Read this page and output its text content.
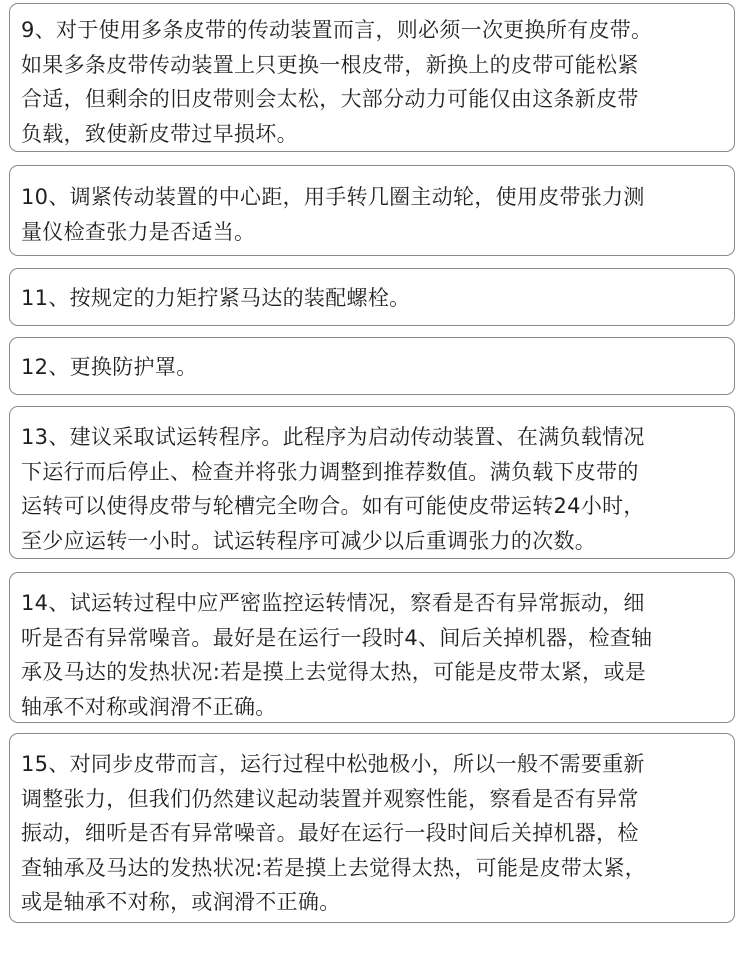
9、对于使用多条皮带的传动装置而言，则必须一次更换所有皮带。

如果多条皮带传动装置上只更换一根皮带，新换上的皮带可能松紧

合适，但剩余的旧皮带则会太松，大部分动力可能仅由这条新皮带

负载，致使新皮带过早损坏。

10、调紧传动装置的中心距，用手转几圈主动轮，使用皮带张力测

量仪检查张力是否适当。

11、按规定的力矩拧紧马达的装配螺栓。

12、更换防护罩。

13、建议采取试运转程序。此程序为启动传动装置、在满负载情况

下运行而后停止、检查并将张力调整到推荐数值。满负载下皮带的

运转可以使得皮带与轮槽完全吻合。如有可能使皮带运转24小时，

至少应运转一小时。试运转程序可减少以后重调张力的次数。

14、试运转过程中应严密监控运转情况，察看是否有异常振动，细

听是否有异常噪音。最好是在运行一段时4、间后关掉机器，检查轴

承及马达的发热状况:若是摸上去觉得太热，可能是皮带太紧，或是

轴承不对称或润滑不正确。

15、对同步皮带而言，运行过程中松弛极小，所以一般不需要重新

调整张力，但我们仍然建议起动装置并观察性能，察看是否有异常

振动，细听是否有异常噪音。最好在运行一段时间后关掉机器，检

查轴承及马达的发热状况:若是摸上去觉得太热，可能是皮带太紧，

或是轴承不对称，或润滑不正确。
